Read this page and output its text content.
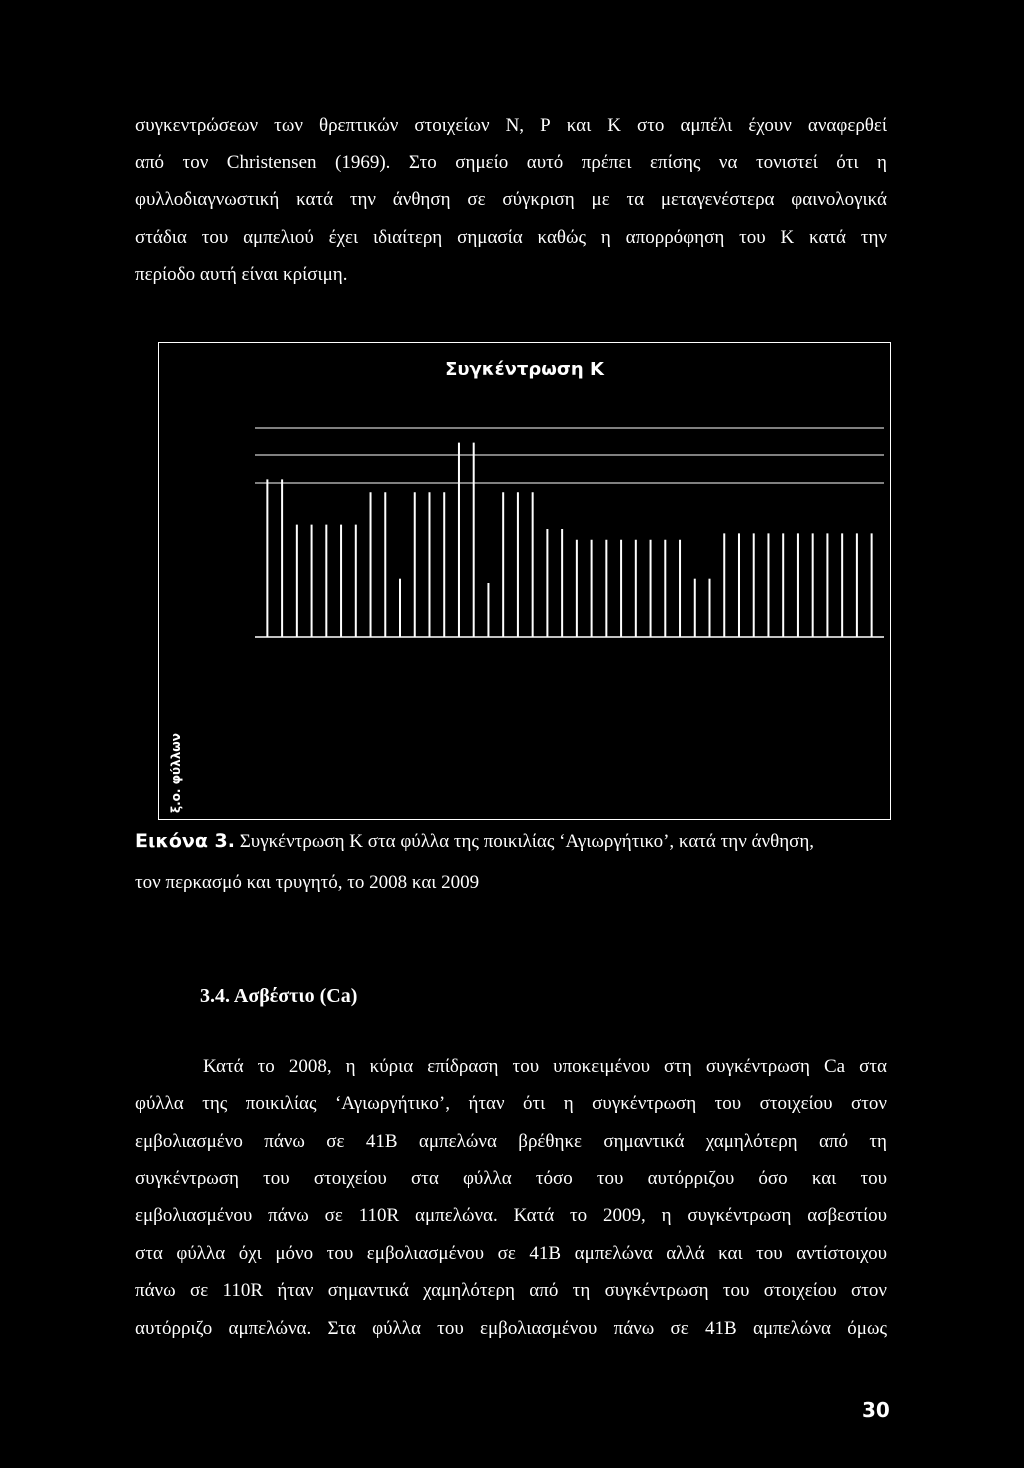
συγκεντρώσεων των θρεπτικών στοιχείων Ν, Ρ και Κ στο αμπέλι έχουν αναφερθεί
από τον Christensen (1969). Στο σημείο αυτό πρέπει επίσης να τονιστεί ότι η
φυλλοδιαγνωστική κατά την άνθηση σε σύγκριση με τα μεταγενέστερα φαινολογικά
στάδια του αμπελιού έχει ιδιαίτερη σημασία καθώς η απορρόφηση του Κ κατά την
περίοδο αυτή είναι κρίσιμη.
Συγκέντρωση Κ
ξ.ο. φύλλων
Εικόνα 3. Συγκέντρωση Κ στα φύλλα της ποικιλίας ‘Αγιωργήτικο’, κατά την άνθηση,
τον περκασμό και τρυγητό, το 2008 και 2009
3.4. Ασβέστιο (Ca)
Κατά το 2008, η κύρια επίδραση του υποκειμένου στη συγκέντρωση Ca στα
φύλλα της ποικιλίας ‘Αγιωργήτικο’, ήταν ότι η συγκέντρωση του στοιχείου στον
εμβολιασμένο πάνω σε 41Β αμπελώνα βρέθηκε σημαντικά χαμηλότερη από τη
συγκέντρωση του στοιχείου στα φύλλα τόσο του αυτόρριζου όσο και του
εμβολιασμένου πάνω σε 110R αμπελώνα. Κατά το 2009, η συγκέντρωση ασβεστίου
στα φύλλα όχι μόνο του εμβολιασμένου σε 41Β αμπελώνα αλλά και του αντίστοιχου
πάνω σε 110R ήταν σημαντικά χαμηλότερη από τη συγκέντρωση του στοιχείου στον
αυτόρριζο αμπελώνα. Στα φύλλα του εμβολιασμένου πάνω σε 41Β αμπελώνα όμως
30
